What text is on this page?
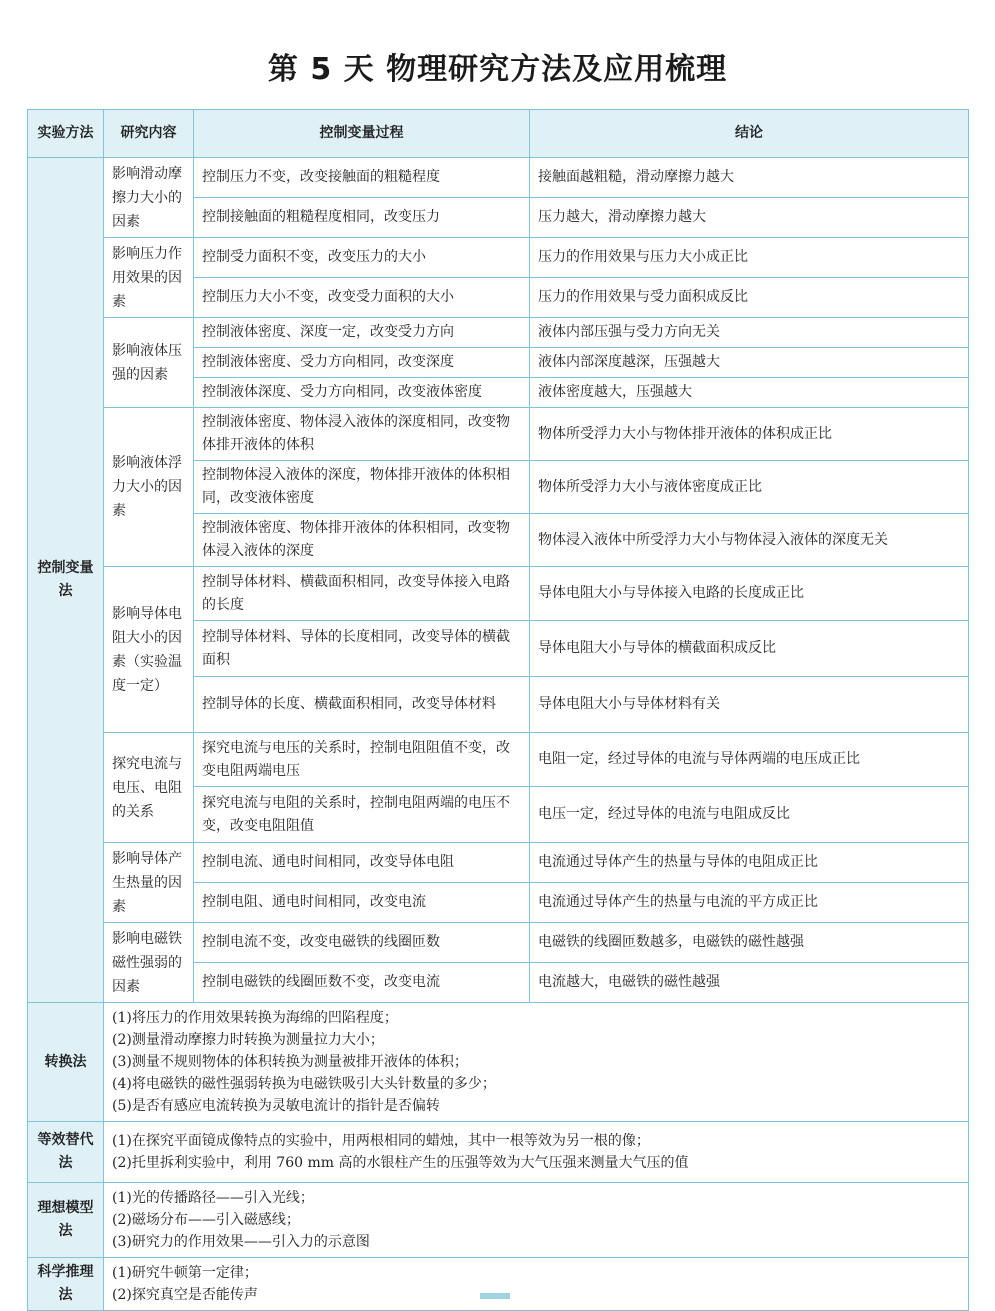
第 5 天 物理研究方法及应用梳理
实验方法	研究内容	控制变量过程	结论
控制变量法	影响滑动摩擦力大小的因素	控制压力不变，改变接触面的粗糙程度	接触面越粗糙，滑动摩擦力越大
		控制接触面的粗糙程度相同，改变压力	压力越大，滑动摩擦力越大
	影响压力作用效果的因素	控制受力面积不变，改变压力的大小	压力的作用效果与压力大小成正比
		控制压力大小不变，改变受力面积的大小	压力的作用效果与受力面积成反比
	影响液体压强的因素	控制液体密度、深度一定，改变受力方向	液体内部压强与受力方向无关
		控制液体密度、受力方向相同，改变深度	液体内部深度越深，压强越大
		控制液体深度、受力方向相同，改变液体密度	液体密度越大，压强越大
	影响液体浮力大小的因素	控制液体密度、物体浸入液体的深度相同，改变物体排开液体的体积	物体所受浮力大小与物体排开液体的体积成正比
		控制物体浸入液体的深度，物体排开液体的体积相同，改变液体密度	物体所受浮力大小与液体密度成正比
		控制液体密度、物体排开液体的体积相同，改变物体浸入液体的深度	物体浸入液体中所受浮力大小与物体浸入液体的深度无关
	影响导体电阻大小的因素（实验温度一定）	控制导体材料、横截面积相同，改变导体接入电路的长度	导体电阻大小与导体接入电路的长度成正比
		控制导体材料、导体的长度相同，改变导体的横截面积	导体电阻大小与导体的横截面积成反比
		控制导体的长度、横截面积相同，改变导体材料	导体电阻大小与导体材料有关
	探究电流与电压、电阻的关系	探究电流与电压的关系时，控制电阻阻值不变，改变电阻两端电压	电阻一定，经过导体的电流与导体两端的电压成正比
		探究电流与电阻的关系时，控制电阻两端的电压不变，改变电阻阻值	电压一定，经过导体的电流与电阻成反比
	影响导体产生热量的因素	控制电流、通电时间相同，改变导体电阻	电流通过导体产生的热量与导体的电阻成正比
		控制电阻、通电时间相同，改变电流	电流通过导体产生的热量与电流的平方成正比
	影响电磁铁磁性强弱的因素	控制电流不变，改变电磁铁的线圈匝数	电磁铁的线圈匝数越多，电磁铁的磁性越强
		控制电磁铁的线圈匝数不变，改变电流	电流越大，电磁铁的磁性越强
转换法	(1)将压力的作用效果转换为海绵的凹陷程度；
(2)测量滑动摩擦力时转换为测量拉力大小；
(3)测量不规则物体的体积转换为测量被排开液体的体积；
(4)将电磁铁的磁性强弱转换为电磁铁吸引大头针数量的多少；
(5)是否有感应电流转换为灵敏电流计的指针是否偏转		

等效替代法	(1)在探究平面镜成像特点的实验中，用两根相同的蜡烛，其中一根等效为另一根的像；
(2)托里拆利实验中，利用 760 mm 高的水银柱产生的压强等效为大气压强来测量大气压的值		

理想模型法	(1)光的传播路径——引入光线；
(2)磁场分布——引入磁感线；
(3)研究力的作用效果——引入力的示意图		

科学推理法	(1)研究牛顿第一定律；
(2)探究真空是否能传声		
